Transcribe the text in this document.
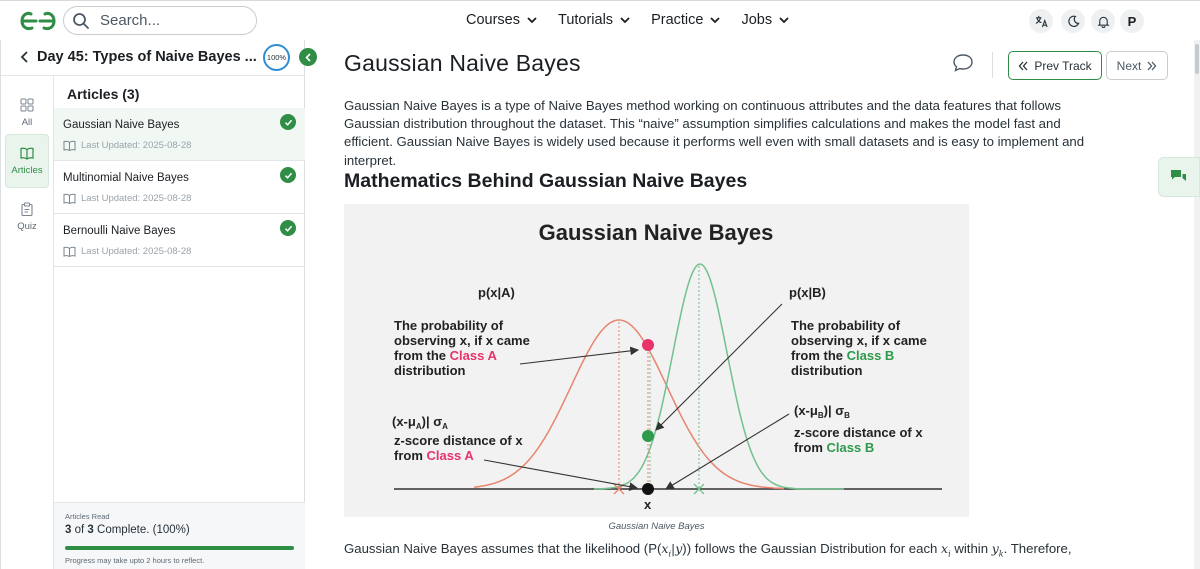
Search...
Courses	Tutorials	Practice	Jobs	P
Day 45: Types of Naive Bayes ...	100%
All
Articles
Quiz
Articles (3)
Gaussian Naive Bayes
Last Updated: 2025-08-28
Multinomial Naive Bayes
Last Updated: 2025-08-28
Bernoulli Naive Bayes
Last Updated: 2025-08-28
Articles Read
3 of 3 Complete. (100%)
Progress may take upto 2 hours to reflect.
Gaussian Naive Bayes	Prev Track Next

Gaussian Naive Bayes is a type of Naive Bayes method working on continuous attributes and the data features that follows Gaussian distribution throughout the dataset. This “naive” assumption simplifies calculations and makes the model fast and efficient. Gaussian Naive Bayes is widely used because it performs well even with small datasets and is easy to implement and interpret.

Mathematics Behind Gaussian Naive Bayes
Gaussian Naive Bayes
p(x|A)	p(x|B)
The probability of
observing x, if x came
from the Class A
distribution
The probability of
observing x, if x came
from the Class B
distribution
$(x-\mu_A)|$ $\sigma_A$
z-score distance of x
from Class A
$(x-\mu_B)|$ $\sigma_B$
z-score distance of x
from Class B
x
Gaussian Naive Bayes

Gaussian Naive Bayes assumes that the likelihood $(P(x_i|y))$ follows the Gaussian Distribution for each $x_i$ within $y_k$. Therefore,
